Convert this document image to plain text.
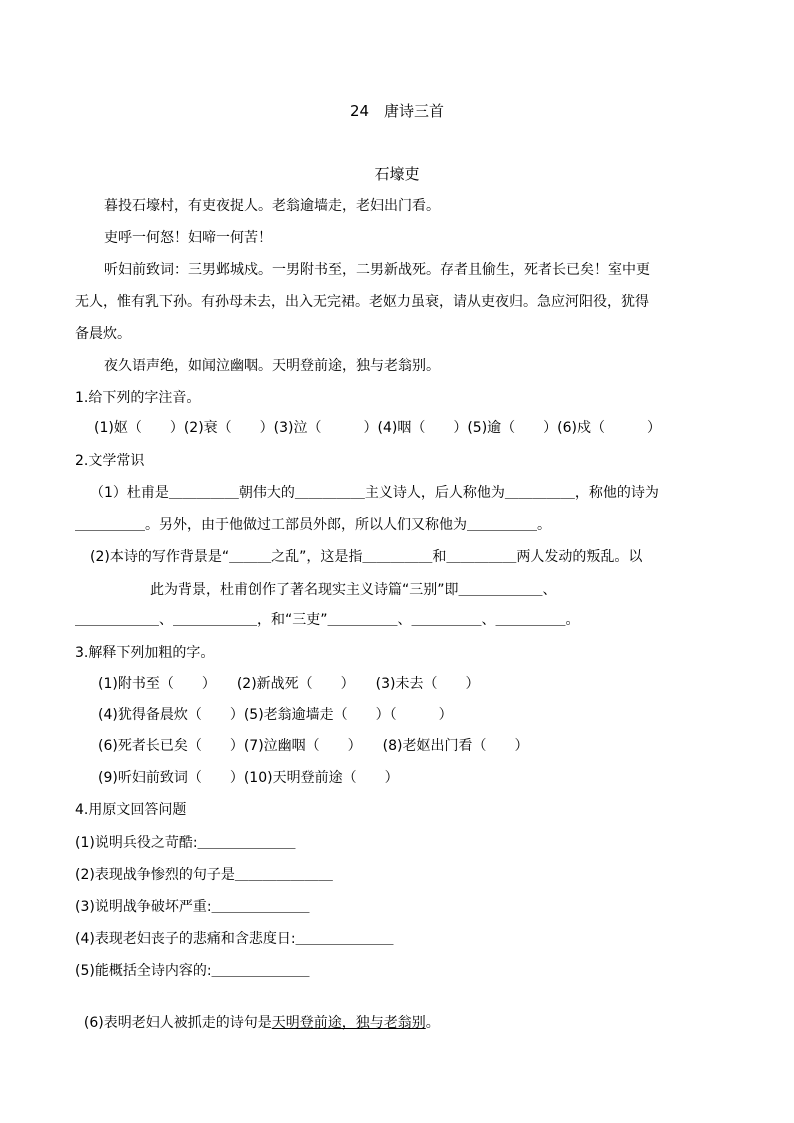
24　唐诗三首
石壕吏
暮投石壕村，有吏夜捉人。老翁逾墙走，老妇出门看。
吏呼一何怒！妇啼一何苦！
听妇前致词：三男邺城戍。一男附书至，二男新战死。存者且偷生，死者长已矣！室中更
无人，惟有乳下孙。有孙母未去，出入无完裙。老妪力虽衰，请从吏夜归。急应河阳役，犹得
备晨炊。
夜久语声绝，如闻泣幽咽。天明登前途，独与老翁别。
1.给下列的字注音。
(1)妪（　　）(2)衰（　　）(3)泣（　　　）(4)咽（　　）(5)逾（　　）(6)戍（　　　）
2.文学常识
（1）杜甫是＿＿＿＿＿朝伟大的＿＿＿＿＿主义诗人，后人称他为＿＿＿＿＿，称他的诗为
＿＿＿＿＿。另外，由于他做过工部员外郎，所以人们又称他为＿＿＿＿＿。
(2)本诗的写作背景是“＿＿＿之乱”，这是指＿＿＿＿＿和＿＿＿＿＿两人发动的叛乱。以
此为背景，杜甫创作了著名现实主义诗篇“三别”即＿＿＿＿＿＿、
＿＿＿＿＿＿、＿＿＿＿＿＿，和“三吏”＿＿＿＿＿、＿＿＿＿＿、＿＿＿＿＿。
3.解释下列加粗的字。
(1)附书至（　　）　　(2)新战死（　　）　　(3)未去（　　）
(4)犹得备晨炊（　　）(5)老翁逾墙走（　　）（　　　）
(6)死者长已矣（　　）(7)泣幽咽（　　）　　(8)老妪出门看（　　）
(9)听妇前致词（　　）(10)天明登前途（　　）
4.用原文回答问题
(1)说明兵役之苛酷:＿＿＿＿＿＿＿
(2)表现战争惨烈的句子是＿＿＿＿＿＿＿
(3)说明战争破坏严重:＿＿＿＿＿＿＿
(4)表现老妇丧子的悲痛和含悲度日:＿＿＿＿＿＿＿
(5)能概括全诗内容的:＿＿＿＿＿＿＿

(6)表明老妇人被抓走的诗句是天明登前途，独与老翁别。
